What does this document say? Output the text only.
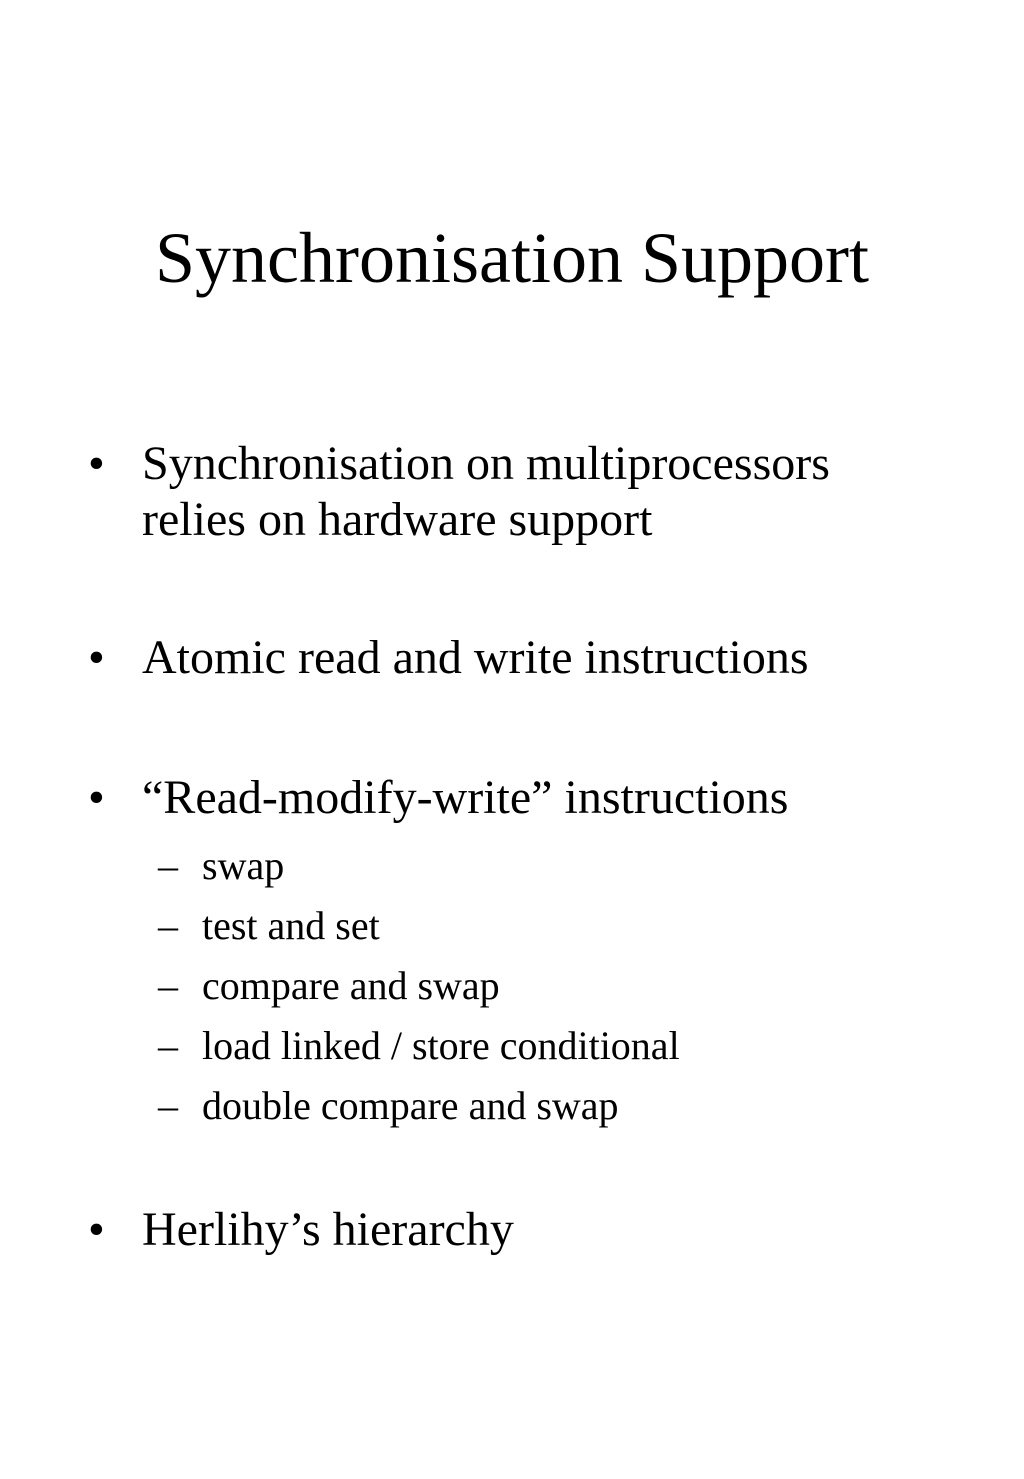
Synchronisation Support
• Synchronisation on multiprocessors
relies on hardware support
• Atomic read and write instructions
• “Read-modify-write” instructions
– swap
– test and set
– compare and swap
– load linked / store conditional
– double compare and swap
• Herlihy’s hierarchy
